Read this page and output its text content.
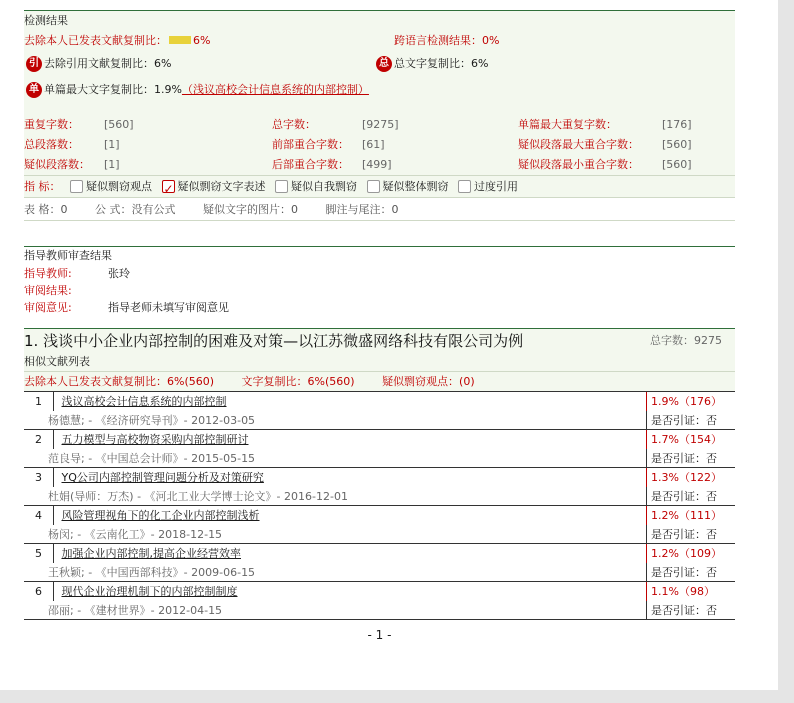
检测结果
去除本人已发表文献复制比： 6%	跨语言检测结果：0%
引 去除引用文献复制比：6%	总 总文字复制比：6%
单 单篇最大文字复制比：1.9%（浅议高校会计信息系统的内部控制）
重复字数： [560]	总字数：	[9275]	单篇最大重复字数：	[176]
总段落数： [1]	前部重合字数： [61]	疑似段落最大重合字数： [560]
疑似段落数： [1]	后部重合字数： [499]	疑似段落最小重合字数： [560]
指 标： 疑似剽窃观点 ✓ 疑似剽窃文字表述 疑似自我剽窃 疑似整体剽窃 过度引用
表 格：0	公 式：没有公式	疑似文字的图片：0	脚注与尾注：0
指导教师审查结果
指导教师:	张玲
审阅结果:
审阅意见:	指导老师未填写审阅意见
1. 浅谈中小企业内部控制的困难及对策—以江苏微盛网络科技有限公司为例	总字数：9275
相似文献列表
去除本人已发表文献复制比：6%(560)	文字复制比：6%(560)	疑似剽窃观点：(0)
1 浅议高校会计信息系统的内部控制	1.9%（176）
杨德慧; - 《经济研究导刊》- 2012-03-05	是否引证：否
2 五力模型与高校物资采购内部控制研讨	1.7%（154）
范良导; - 《中国总会计师》- 2015-05-15	是否引证：否
3 YQ公司内部控制管理问题分析及对策研究	1.3%（122）
杜娟(导师：万杰) - 《河北工业大学博士论文》- 2016-12-01	是否引证：否
4 风险管理视角下的化工企业内部控制浅析	1.2%（111）
杨闵; - 《云南化工》- 2018-12-15	是否引证：否
5 加强企业内部控制,提高企业经营效率	1.2%（109）
王秋颖; - 《中国西部科技》- 2009-06-15	是否引证：否
6 现代企业治理机制下的内部控制制度	1.1%（98）
邵丽; - 《建材世界》- 2012-04-15	是否引证：否
- 1 -
